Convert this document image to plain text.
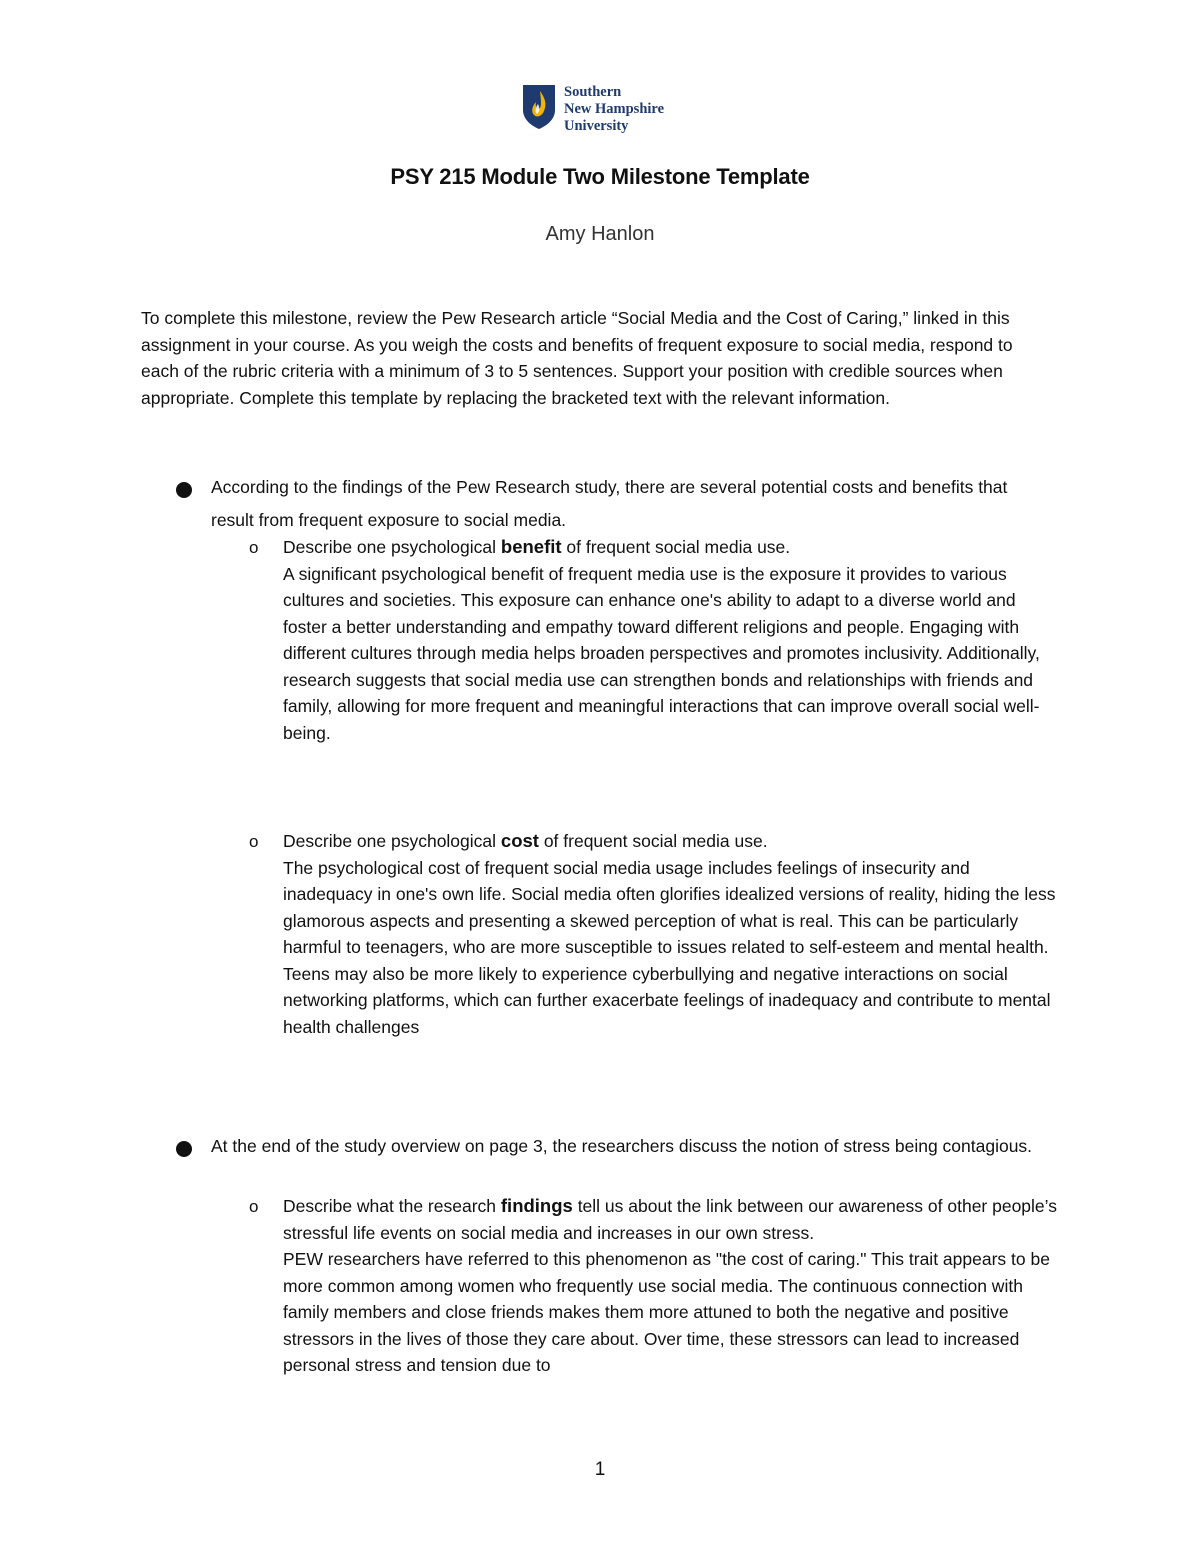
Southern
New Hampshire
University
PSY 215 Module Two Milestone Template
Amy Hanlon

To complete this milestone, review the Pew Research article “Social Media and the Cost of Caring,” linked in this assignment in your course. As you weigh the costs and benefits of frequent exposure to social media, respond to each of the rubric criteria with a minimum of 3 to 5 sentences. Support your position with credible sources when appropriate. Complete this template by replacing the bracketed text with the relevant information.

According to the findings of the Pew Research study, there are several potential costs and benefits that result from frequent exposure to social media.

o Describe one psychological benefit of frequent social media use.
A significant psychological benefit of frequent media use is the exposure it provides to various cultures and societies. This exposure can enhance one's ability to adapt to a diverse world and foster a better understanding and empathy toward different religions and people. Engaging with different cultures through media helps broaden perspectives and promotes inclusivity. Additionally, research suggests that social media use can strengthen bonds and relationships with friends and family, allowing for more frequent and meaningful interactions that can improve overall social well-being.
o Describe one psychological cost of frequent social media use.
The psychological cost of frequent social media usage includes feelings of insecurity and inadequacy in one's own life. Social media often glorifies idealized versions of reality, hiding the less glamorous aspects and presenting a skewed perception of what is real. This can be particularly harmful to teenagers, who are more susceptible to issues related to self-esteem and mental health. Teens may also be more likely to experience cyberbullying and negative interactions on social networking platforms, which can further exacerbate feelings of inadequacy and contribute to mental health challenges

At the end of the study overview on page 3, the researchers discuss the notion of stress being contagious.

o Describe what the research findings tell us about the link between our awareness of other people’s stressful life events on social media and increases in our own stress.
PEW researchers have referred to this phenomenon as "the cost of caring." This trait appears to be more common among women who frequently use social media. The continuous connection with family members and close friends makes them more attuned to both the negative and positive stressors in the lives of those they care about. Over time, these stressors can lead to increased personal stress and tension due to
1
